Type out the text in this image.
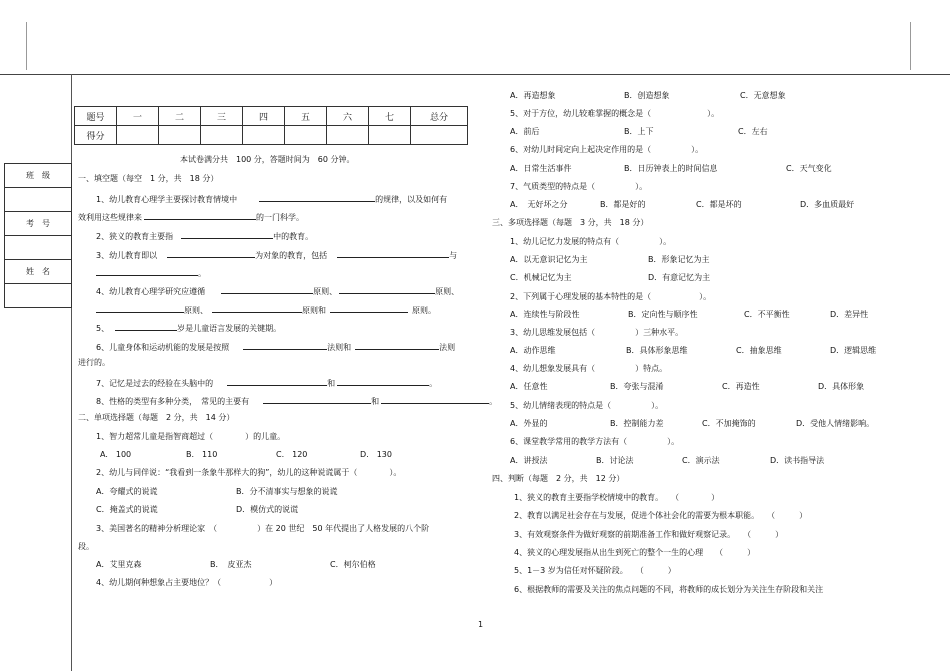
题号	一	二	三	四	五	六	七	总分
得分								
班　级

考　号

姓　名

本试卷满分共　100 分，答题时间为　60 分钟。
一、填空题（每空　1 分，共　18 分）
1、幼儿教育心理学主要探讨教育情境中	的规律，以及如何有
效利用这些规律来	的一门科学。
2、狭义的教育主要指	中的教育。
3、幼儿教育即以	为对象的教育，包括	与
。
4、幼儿教育心理学研究应遵循	原则、	原则、
原则、	原则和	原则。
5、	岁是儿童语言发展的关键期。
6、儿童身体和运动机能的发展是按照	法则和	法则
进行的。
7、记忆是过去的经验在头脑中的	和	。
8、性格的类型有多种分类，　常见的主要有	和	。
二、单项选择题（每题　2 分，共　14 分）
1、智力超常儿童是指智商超过（　　　　）的儿童。
A.　100	B.　110	C.　120	D.　130
2、幼儿与同伴说：“我看到一条象牛那样大的狗”，幼儿的这种说谎属于（　　　　）。
A．夸耀式的说谎	B．分不清事实与想象的说谎
C．掩盖式的说谎	D．模仿式的说谎
3、美国著名的精神分析理论家　（　　　　　）在 20 世纪　50 年代提出了人格发展的八个阶
段。
A．艾里克森	B．　皮亚杰	C．柯尔伯格
4、幼儿期何种想象占主要地位？（　　　　　　）
A．再造想象	B．创造想象	C．无意想象
5、对于方位，幼儿较难掌握的概念是（　　　　　　　）。
A．前后	B．上下	C．左右
6、对幼儿时间定向上起决定作用的是（　　　　　）。
A．日常生活事件	B．日历钟表上的时间信息	C．天气变化
7、气质类型的特点是（　　　　　）。
A．　无好坏之分	B．都是好的	C．都是坏的	D．多血质最好
三、多项选择题（每题　3 分，共　18 分）
1、幼儿记忆力发展的特点有（　　　　　）。
A．以无意识记忆为主	B．形象记忆为主
C．机械记忆为主	D．有意记忆为主
2、下列属于心理发展的基本特性的是（　　　　　　）。
A．连续性与阶段性	B．定向性与顺序性	C．不平衡性	D．差异性
3、幼儿思维发展包括（　　　　　）三种水平。
A．动作思维	B．具体形象思维	C．抽象思维	D．逻辑思维
4、幼儿想象发展具有（　　　　　）特点。
A．任意性	B．夸张与混淆	C．再造性	D．具体形象
5、幼儿情绪表现的特点是（　　　　　）。
A．外显的	B．控制能力差	C．不加掩饰的	D．受他人情绪影响。
6、课堂教学常用的教学方法有（　　　　　）。
A．讲授法	B．讨论法	C．演示法	D．读书指导法
四、判断（每题　2 分，共　12 分）
1、狭义的教育主要指学校情境中的教育。　　（　　　　）
2、教育以满足社会存在与发展，促进个体社会化的需要为根本职能。　　（　　　）
3、有效观察条件为做好观察的前期准备工作和做好观察记录。　　（　　　）
4、狭义的心理发展指从出生到死亡的整个一生的心理　　（　　　）
5、1－3 岁为信任对怀疑阶段。　　（　　　）
6、根据教师的需要及关注的焦点问题的不同，将教师的成长划分为关注生存阶段和关注
1
